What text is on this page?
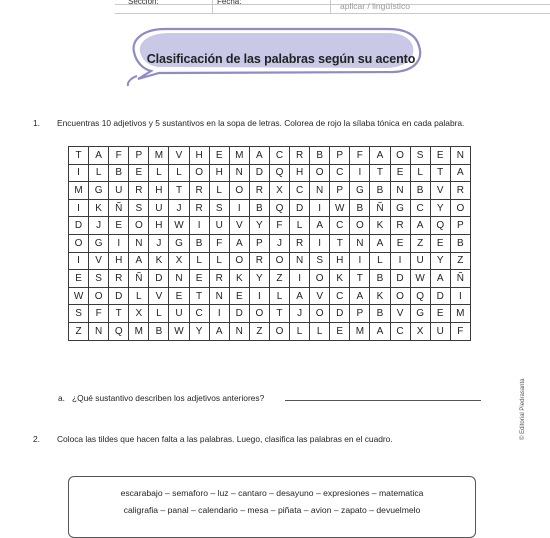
Sección:	Fecha:	aplicar / lingüístico
Clasificación de las palabras según su acento
1. Encuentras 10 adjetivos y 5 sustantivos en la sopa de letras. Colorea de rojo la sílaba tónica en cada palabra.
T	A	F	P	M	V	H	E	M	A	C	R	B	P	F	A	O	S	E	N
I	L	B	E	L	L	O	H	N	D	Q	H	O	C	I	T	E	L	T	A
M	G	U	R	H	T	R	L	O	R	X	C	N	P	G	B	N	B	V	R
I	K	Ñ	S	U	J	R	S	I	B	Q	D	I	W	B	Ñ	G	C	Y	O
D	J	E	O	H	W	I	U	V	Y	F	L	A	C	O	K	R	A	Q	P
O	G	I	N	J	G	B	F	A	P	J	R	I	T	N	A	E	Z	E	B
I	V	H	A	K	X	L	L	O	R	O	N	S	H	I	L	I	U	Y	Z
E	S	R	Ñ	D	N	E	R	K	Y	Z	I	O	K	T	B	D	W	A	Ñ
W	O	D	L	V	E	T	N	E	I	L	A	V	C	A	K	O	Q	D	I
S	F	T	X	L	U	C	I	D	O	T	J	O	D	P	B	V	G	E	M
Z	N	Q	M	B	W	Y	A	N	Z	O	L	L	E	M	A	C	X	U	F
a. ¿Qué sustantivo describen los adjetivos anteriores?
2. Coloca las tildes que hacen falta a las palabras. Luego, clasifica las palabras en el cuadro.
escarabajo – semaforo – luz – cantaro – desayuno – expresiones – matematica
caligrafia – panal – calendario – mesa – piñata – avion – zapato – devuelmelo
© Editorial Piedrasanta
